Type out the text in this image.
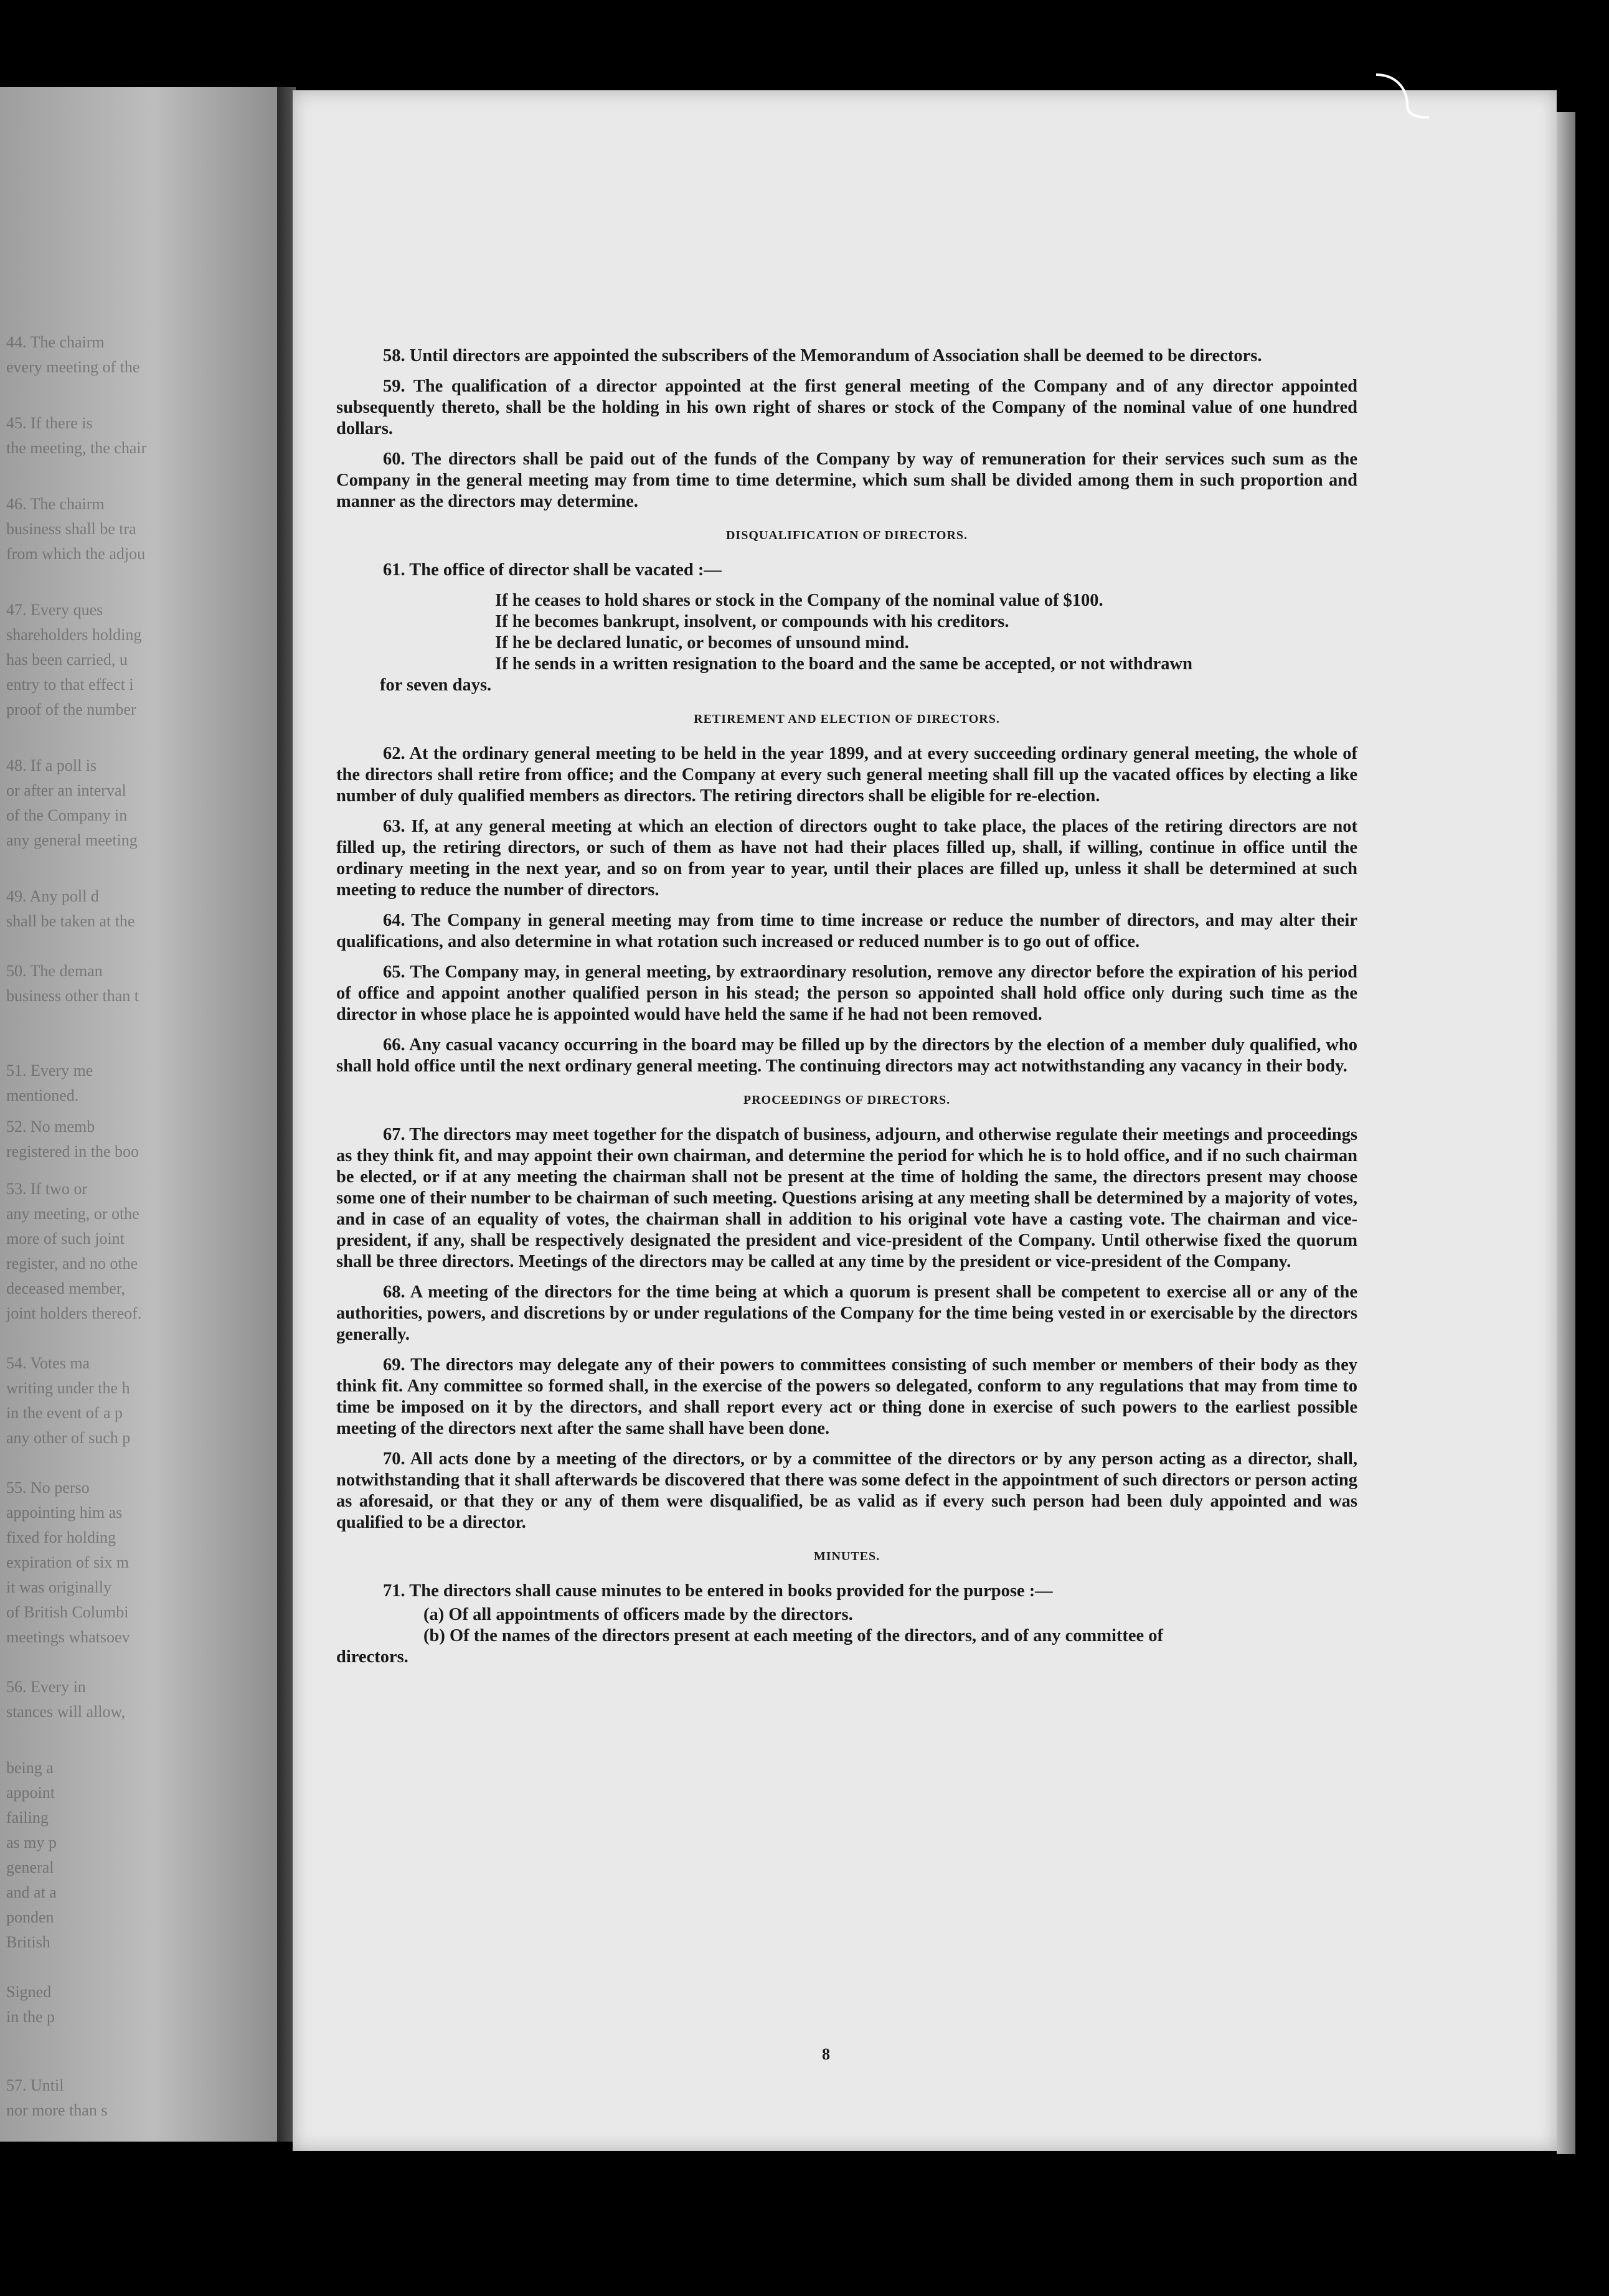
44. The chairm
every meeting of the
45. If there is
the meeting, the chair
46. The chairm
business shall be tra
from which the adjou
47. Every ques
shareholders holding
has been carried, u
entry to that effect i
proof of the number
48. If a poll is
or after an interval
of the Company in
any general meeting
49. Any poll d
shall be taken at the
50. The deman
business other than t
51. Every me
mentioned.
52. No memb
registered in the boo
53. If two or
any meeting, or othe
more of such joint
register, and no othe
deceased member,
joint holders thereof.
54. Votes ma
writing under the h
in the event of a p
any other of such p
55. No perso
appointing him as
fixed for holding
expiration of six m
it was originally
of British Columbi
meetings whatsoev
56. Every in
stances will allow,
being a
appoint
failing
as my p
general
and at a
ponden
British
Signed
in the p
57. Until
nor more than s

58. Until directors are appointed the subscribers of the Memorandum of Association shall be deemed to be directors.

59. The qualification of a director appointed at the first general meeting of the Company and of any director appointed subsequently thereto, shall be the holding in his own right of shares or stock of the Company of the nominal value of one hundred dollars.

60. The directors shall be paid out of the funds of the Company by way of remuneration for their services such sum as the Company in the general meeting may from time to time determine, which sum shall be divided among them in such proportion and manner as the directors may determine.

DISQUALIFICATION OF DIRECTORS.

61. The office of director shall be vacated :—

If he ceases to hold shares or stock in the Company of the nominal value of $100.
If he becomes bankrupt, insolvent, or compounds with his creditors.
If he be declared lunatic, or becomes of unsound mind.
If he sends in a written resignation to the board and the same be accepted, or not withdrawn
for seven days.
RETIREMENT AND ELECTION OF DIRECTORS.

62. At the ordinary general meeting to be held in the year 1899, and at every succeeding ordinary general meeting, the whole of the directors shall retire from office; and the Company at every such general meeting shall fill up the vacated offices by electing a like number of duly qualified members as directors. The retiring directors shall be eligible for re-election.

63. If, at any general meeting at which an election of directors ought to take place, the places of the retiring directors are not filled up, the retiring directors, or such of them as have not had their places filled up, shall, if willing, continue in office until the ordinary meeting in the next year, and so on from year to year, until their places are filled up, unless it shall be determined at such meeting to reduce the number of directors.

64. The Company in general meeting may from time to time increase or reduce the number of directors, and may alter their qualifications, and also determine in what rotation such increased or reduced number is to go out of office.

65. The Company may, in general meeting, by extraordinary resolution, remove any director before the expiration of his period of office and appoint another qualified person in his stead; the person so appointed shall hold office only during such time as the director in whose place he is appointed would have held the same if he had not been removed.

66. Any casual vacancy occurring in the board may be filled up by the directors by the election of a member duly qualified, who shall hold office until the next ordinary general meeting. The continuing directors may act notwithstanding any vacancy in their body.

PROCEEDINGS OF DIRECTORS.

67. The directors may meet together for the dispatch of business, adjourn, and otherwise regulate their meetings and proceedings as they think fit, and may appoint their own chairman, and determine the period for which he is to hold office, and if no such chairman be elected, or if at any meeting the chairman shall not be present at the time of holding the same, the directors present may choose some one of their number to be chairman of such meeting. Questions arising at any meeting shall be determined by a majority of votes, and in case of an equality of votes, the chairman shall in addition to his original vote have a casting vote. The chairman and vice-president, if any, shall be respectively designated the president and vice-president of the Company. Until otherwise fixed the quorum shall be three directors. Meetings of the directors may be called at any time by the president or vice-president of the Company.

68. A meeting of the directors for the time being at which a quorum is present shall be competent to exercise all or any of the authorities, powers, and discretions by or under regulations of the Company for the time being vested in or exercisable by the directors generally.

69. The directors may delegate any of their powers to committees consisting of such member or members of their body as they think fit. Any committee so formed shall, in the exercise of the powers so delegated, conform to any regulations that may from time to time be imposed on it by the directors, and shall report every act or thing done in exercise of such powers to the earliest possible meeting of the directors next after the same shall have been done.

70. All acts done by a meeting of the directors, or by a committee of the directors or by any person acting as a director, shall, notwithstanding that it shall afterwards be discovered that there was some defect in the appointment of such directors or person acting as aforesaid, or that they or any of them were disqualified, be as valid as if every such person had been duly appointed and was qualified to be a director.

MINUTES.

71. The directors shall cause minutes to be entered in books provided for the purpose :—

(a) Of all appointments of officers made by the directors.
(b) Of the names of the directors present at each meeting of the directors, and of any committee of
directors.
8
